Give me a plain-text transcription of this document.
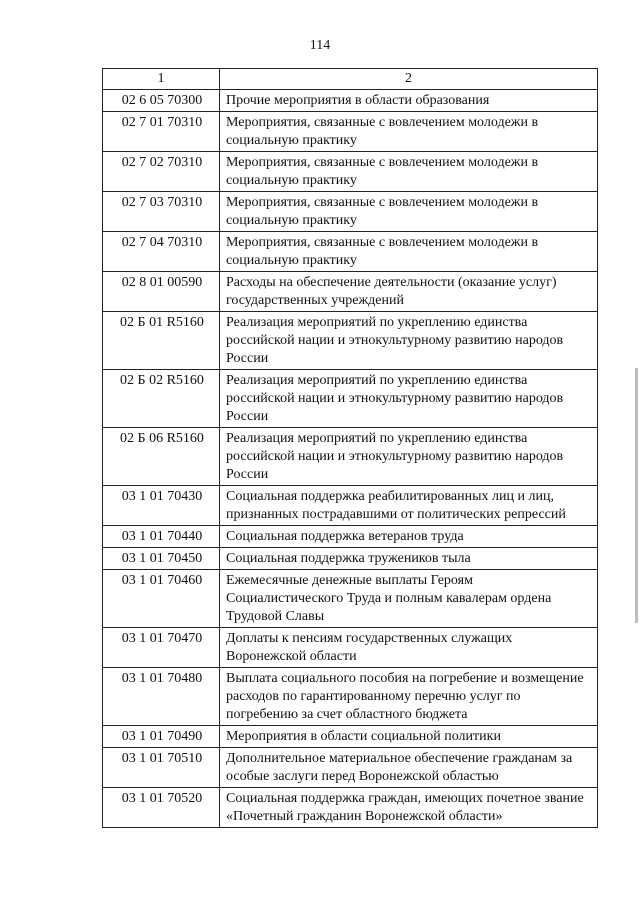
114
1	2
02 6 05 70300	Прочие мероприятия в области образования
02 7 01 70310	Мероприятия, связанные с вовлечением молодежи в социальную практику
02 7 02 70310	Мероприятия, связанные с вовлечением молодежи в социальную практику
02 7 03 70310	Мероприятия, связанные с вовлечением молодежи в социальную практику
02 7 04 70310	Мероприятия, связанные с вовлечением молодежи в социальную практику
02 8 01 00590	Расходы на обеспечение деятельности (оказание услуг) государственных учреждений
02 Б 01 R5160	Реализация мероприятий по укреплению единства российской нации и этнокультурному развитию народов России
02 Б 02 R5160	Реализация мероприятий по укреплению единства российской нации и этнокультурному развитию народов России
02 Б 06 R5160	Реализация мероприятий по укреплению единства российской нации и этнокультурному развитию народов России
03 1 01 70430	Социальная поддержка реабилитированных лиц и лиц, признанных пострадавшими от политических репрессий
03 1 01 70440	Социальная поддержка ветеранов труда
03 1 01 70450	Социальная поддержка тружеников тыла
03 1 01 70460	Ежемесячные денежные выплаты Героям Социалистического Труда и полным кавалерам ордена Трудовой Славы
03 1 01 70470	Доплаты к пенсиям государственных служащих Воронежской области
03 1 01 70480	Выплата социального пособия на погребение и возмещение расходов по гарантированному перечню услуг по погребению за счет областного бюджета
03 1 01 70490	Мероприятия в области социальной политики
03 1 01 70510	Дополнительное материальное обеспечение гражданам за особые заслуги перед Воронежской областью
03 1 01 70520	Социальная поддержка граждан, имеющих почетное звание «Почетный гражданин Воронежской области»
